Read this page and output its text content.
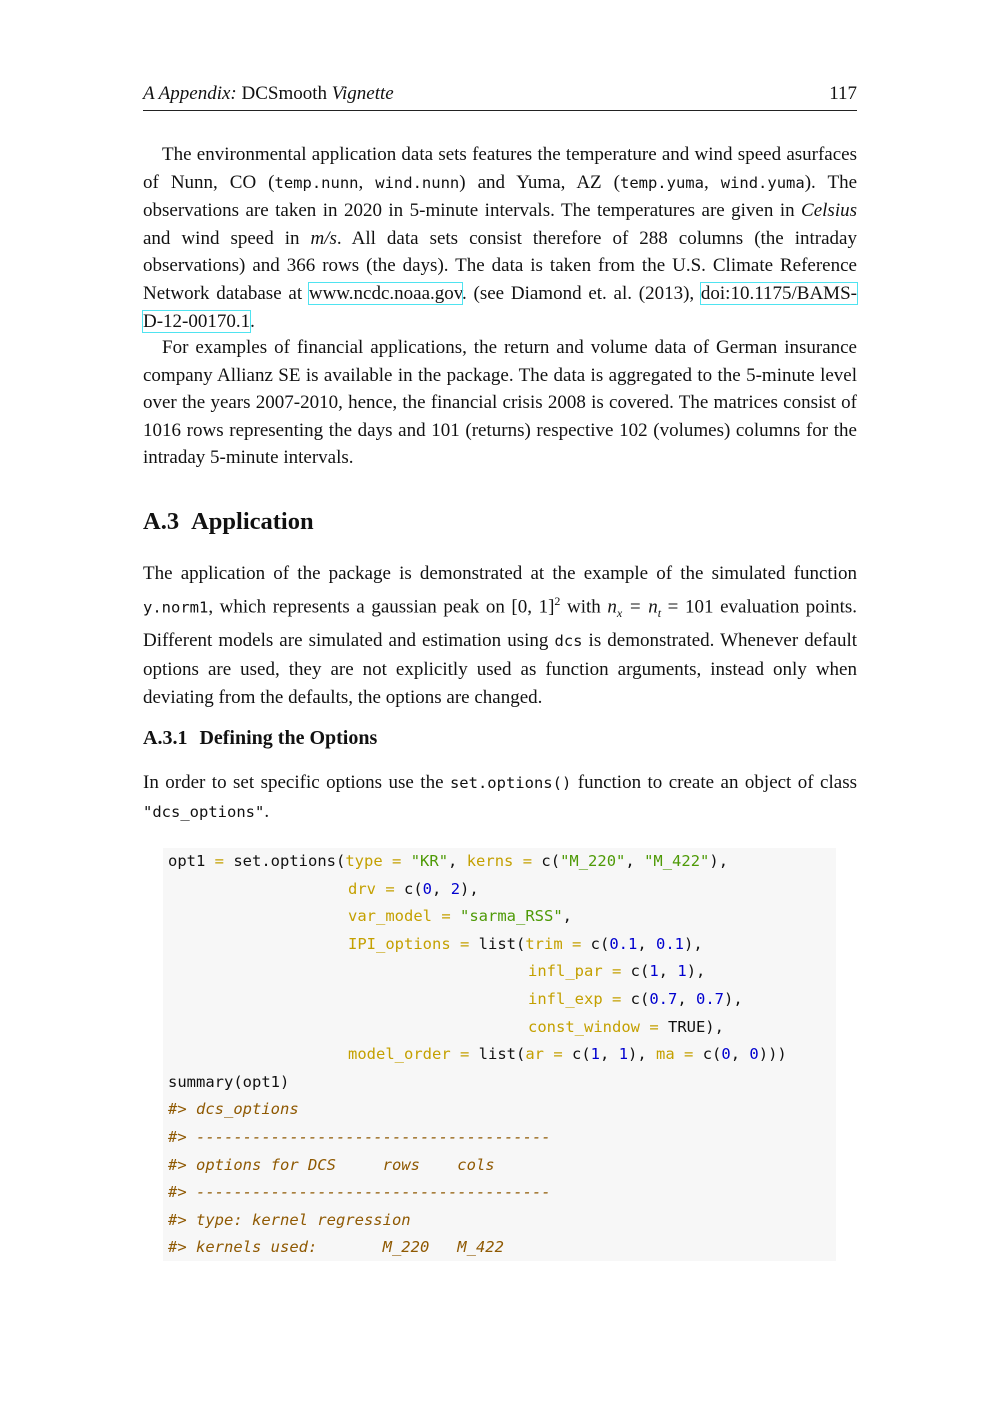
A Appendix: DCSmooth Vignette	117

The environmental application data sets features the temperature and wind speed asurfaces of Nunn, CO (temp.nunn, wind.nunn) and Yuma, AZ (temp.yuma, wind.yuma). The observations are taken in 2020 in 5-minute intervals. The temperatures are given in Celsius and wind speed in m/s. All data sets consist therefore of 288 columns (the intraday observations) and 366 rows (the days). The data is taken from the U.S. Climate Reference Network database at www.ncdc.noaa.gov. (see Diamond et. al. (2013), doi:10.1175/BAMS-D-12-00170.1.

For examples of financial applications, the return and volume data of German insurance company Allianz SE is available in the package. The data is aggregated to the 5-minute level over the years 2007-2010, hence, the financial crisis 2008 is covered. The matrices consist of 1016 rows representing the days and 101 (returns) respective 102 (volumes) columns for the intraday 5-minute intervals.

A.3 Application

The application of the package is demonstrated at the example of the simulated function y.norm1, which represents a gaussian peak on [0, 1]$^2$ with $n_x = n_t = 101$ evaluation points. Different models are simulated and estimation using dcs is demonstrated. Whenever default options are used, they are not explicitly used as function arguments, instead only when deviating from the defaults, the options are changed.

A.3.1 Defining the Options

In order to set specific options use the set.options() function to create an object of class "dcs_options".

opt1 = set.options(type = "KR", kerns = c("M_220", "M_422"),
drv = c(0, 2),
var_model = "sarma_RSS",
IPI_options = list(trim = c(0.1, 0.1),
infl_par = c(1, 1),
infl_exp = c(0.7, 0.7),
const_window = TRUE),
model_order = list(ar = c(1, 1), ma = c(0, 0)))
summary(opt1)
#> dcs_options
#> --------------------------------------
#> options for DCS     rows    cols
#> --------------------------------------
#> type: kernel regression
#> kernels used:       M_220   M_422
